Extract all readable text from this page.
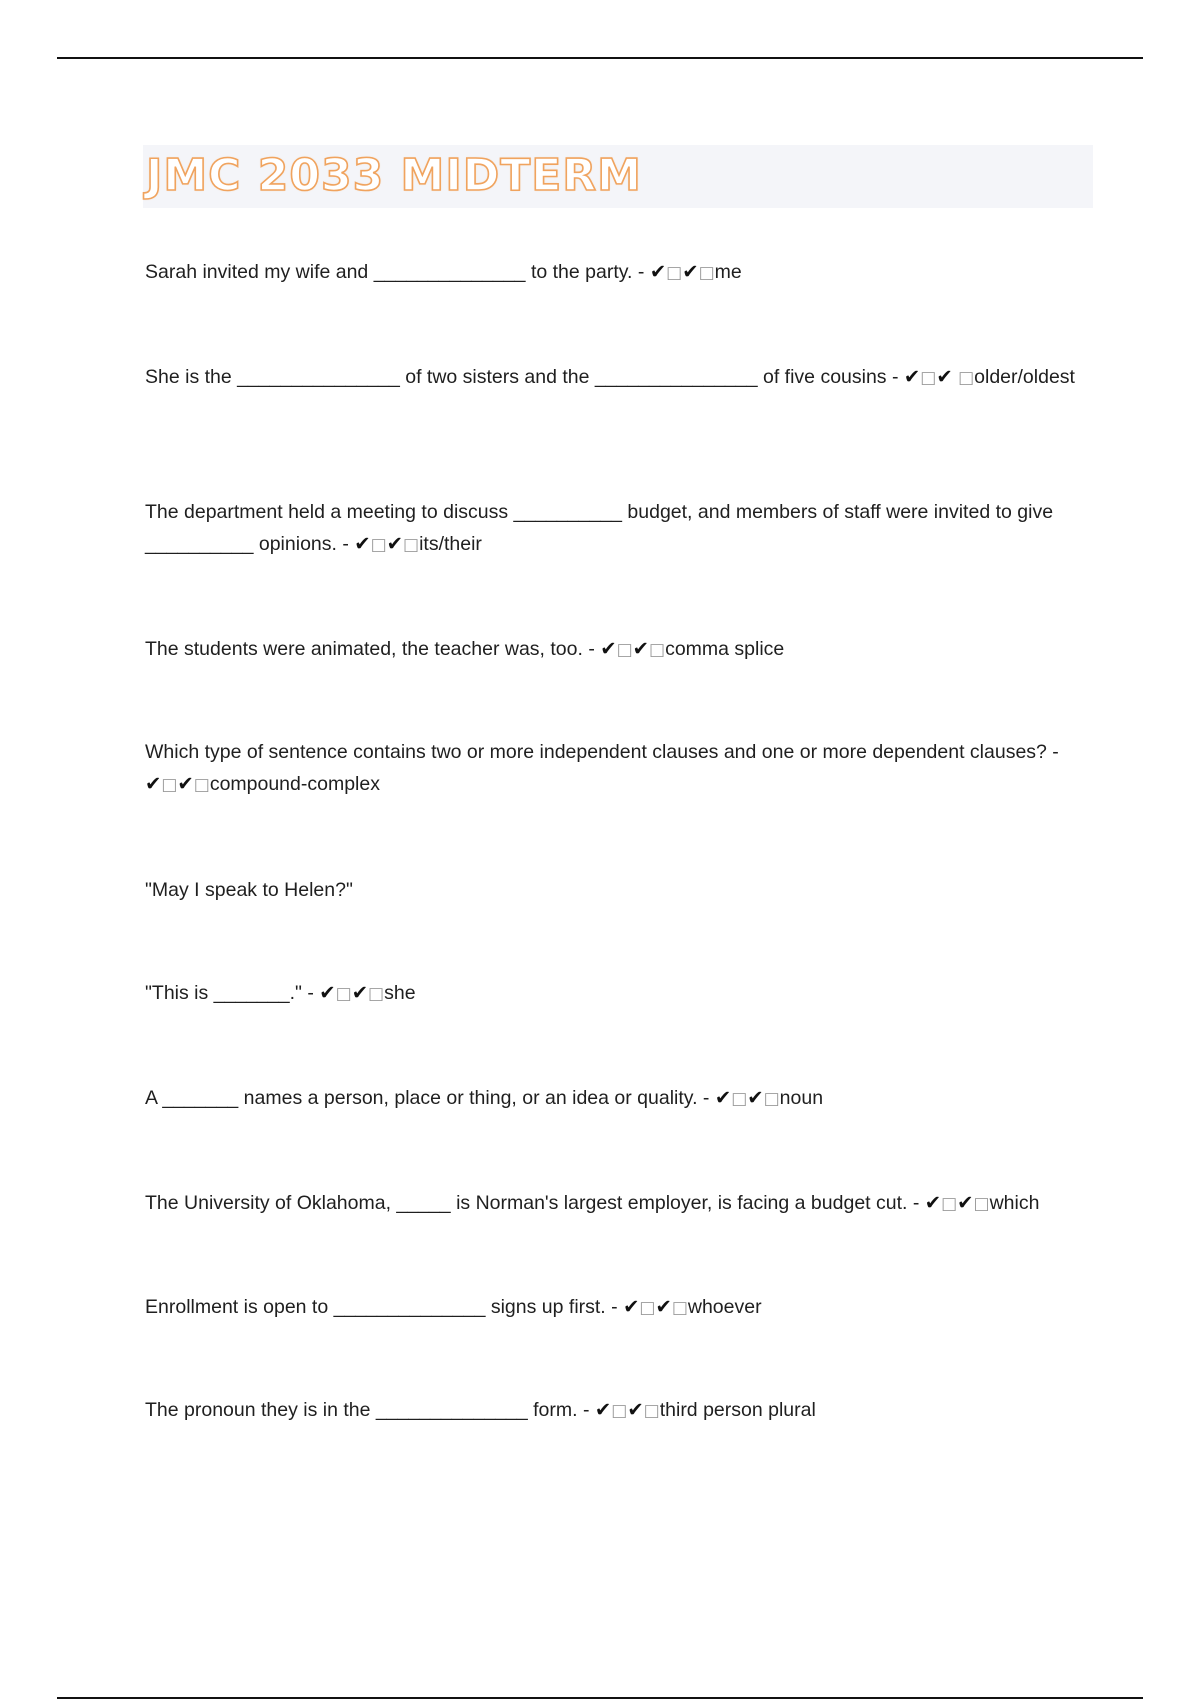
JMC 2033 MIDTERM

Sarah invited my wife and ______________ to the party. - ✔□✔□me

She is the _______________ of two sisters and the _______________ of five cousins - ✔□✔ □older/oldest

The department held a meeting to discuss __________ budget, and members of staff were invited to give __________ opinions. - ✔□✔□its/their

The students were animated, the teacher was, too. - ✔□✔□comma splice

Which type of sentence contains two or more independent clauses and one or more dependent clauses? - ✔□✔□compound-complex

"May I speak to Helen?"

"This is _______." - ✔□✔□she

A _______ names a person, place or thing, or an idea or quality. - ✔□✔□noun

The University of Oklahoma, _____ is Norman's largest employer, is facing a budget cut. - ✔□✔□which

Enrollment is open to ______________ signs up first. - ✔□✔□whoever

The pronoun they is in the ______________ form. - ✔□✔□third person plural
